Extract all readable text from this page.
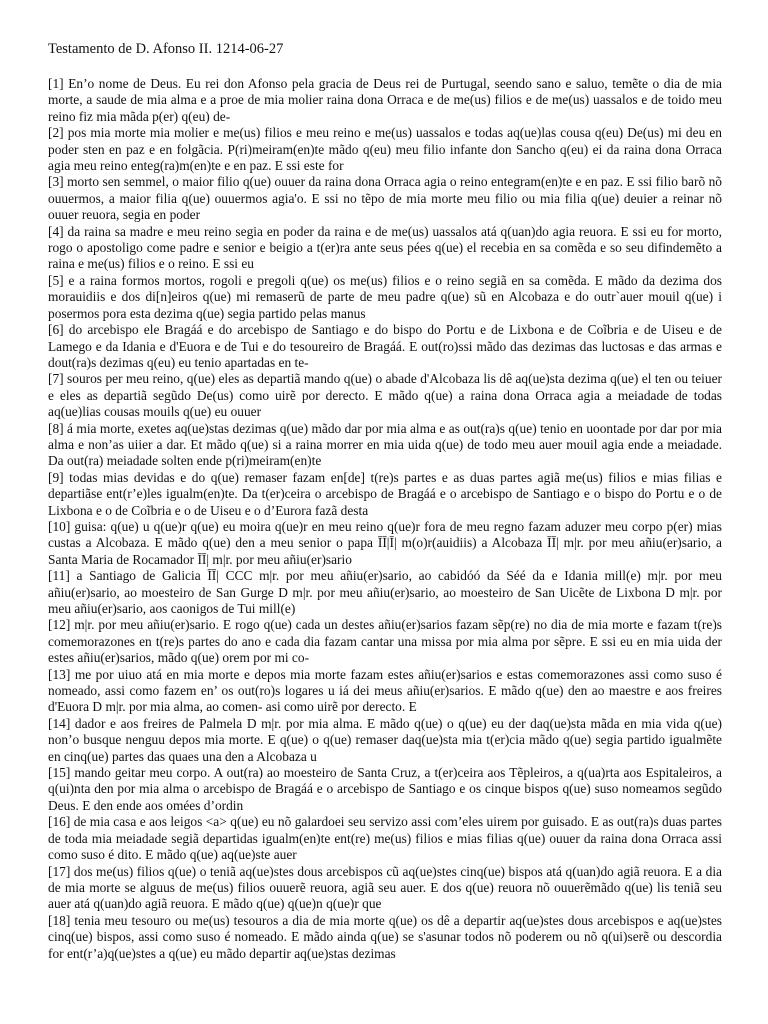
Testamento de D. Afonso II. 1214-06-27

[1] En’o nome de Deus. Eu rei don Afonso pela gracia de Deus rei de Purtugal, seendo sano e saluo, temẽte o dia de mia morte, a saude de mia alma e a proe de mia molier raina dona Orraca e de me(us) filios e de me(us) uassalos e de toido meu reino fiz mia mãda p(er) q(eu) de-

[2] pos mia morte mia molier e me(us) filios e meu reino e me(us) uassalos e todas aq(ue)las cousa q(eu) De(us) mi deu en poder sten en paz e en folgãcia. P(ri)meiram(en)te mãdo q(eu) meu filio infante don Sancho q(eu) ei da raina dona Orraca agia meu reino enteg(ra)m(en)te e en paz. E ssi este for

[3] morto sen semmel, o maior filio q(ue) ouuer da raina dona Orraca agia o reino entegram(en)te e en paz. E ssi filio barõ nõ ouuermos, a maior filia q(ue) ouuermos agia'o. E ssi no tẽpo de mia morte meu filio ou mia filia q(ue) deuier a reinar nõ ouuer reuora, segia en poder

[4] da raina sa madre e meu reino segia en poder da raina e de me(us) uassalos atá q(uan)do agia reuora. E ssi eu for morto, rogo o apostoligo come padre e senior e beigio a t(er)ra ante seus pées q(ue) el recebia en sa comẽda e so seu difindemẽto a raina e me(us) filios e o reino. E ssi eu

[5] e a raina formos mortos, rogoli e pregoli q(ue) os me(us) filios e o reino segiã en sa comẽda. E mãdo da dezima dos morauidiis e dos di[n]eiros q(ue) mi remaserũ de parte de meu padre q(ue) sũ en Alcobaza e do outr`auer mouil q(ue) i posermos pora esta dezima q(ue) segia partido pelas manus

[6] do arcebispo ele Bragáá e do arcebispo de Santiago e do bispo do Portu e de Lixbona e de Coĩbria e de Uiseu e de Lamego e da Idania e d'Euora e de Tui e do tesoureiro de Bragáá. E out(ro)ssi mãdo das dezimas das luctosas e das armas e dout(ra)s dezimas q(eu) eu tenio apartadas en te-

[7] souros per meu reino, q(ue) eles as departiã mando q(ue) o abade d'Alcobaza lis dê aq(ue)sta dezima q(ue) el ten ou teiuer e eles as departiã segũdo De(us) como uirẽ por derecto. E mãdo q(ue) a raina dona Orraca agia a meiadade de todas aq(ue)lias cousas mouils q(ue) eu ouuer

[8] á mia morte, exetes aq(ue)stas dezimas q(ue) mãdo dar por mia alma e as out(ra)s q(ue) tenio en uoontade por dar por mia alma e non’as uiier a dar. Et mãdo q(ue) si a raina morrer en mia uida q(ue) de todo meu auer mouil agia ende a meiadade. Da out(ra) meiadade solten ende p(ri)meiram(en)te

[9] todas mias devidas e do q(ue) remaser fazam en[de] t(re)s partes e as duas partes agiã me(us) filios e mias filias e departiãse ent(r’e)les igualm(en)te. Da t(er)ceira o arcebispo de Bragáá e o arcebispo de Santiago e o bispo do Portu e o de Lixbona e o de Coĩbria e o de Uiseu e o d’Eurora fazã desta

[10] guisa: q(ue) u q(ue)r q(ue) eu moira q(ue)r en meu reino q(ue)r fora de meu regno fazam aduzer meu corpo p(er) mias custas a Alcobaza. E mãdo q(ue) den a meu senior o papa ĪĪ|Ī| m(o)r(auidiis) a Alcobaza ĪĪ| m|r. por meu añiu(er)sario, a Santa Maria de Rocamador ĪĪ| m|r. por meu añiu(er)sario

[11] a Santiago de Galicia ĪĪ| CCC m|r. por meu añiu(er)sario, ao cabidóó da Séé da e Idania mill(e) m|r. por meu añiu(er)sario, ao moesteiro de San Gurge D m|r. por meu añiu(er)sario, ao moesteiro de San Uicẽte de Lixbona D m|r. por meu añiu(er)sario, aos caonigos de Tui mill(e)

[12] m|r. por meu añiu(er)sario. E rogo q(ue) cada un destes añiu(er)sarios fazam sẽp(re) no dia de mia morte e fazam t(re)s comemorazones en t(re)s partes do ano e cada dia fazam cantar una missa por mia alma por sẽpre. E ssi eu en mia uida der estes añiu(er)sarios, mãdo q(ue) orem por mi co-

[13] me por uiuo atá en mia morte e depos mia morte fazam estes añiu(er)sarios e estas comemorazones assi como suso é nomeado, assi como fazem en’ os out(ro)s logares u iá dei meus añiu(er)sarios. E mãdo q(ue) den ao maestre e aos freires d'Euora D m|r. por mia alma, ao comen- asi como uirẽ por derecto. E

[14] dador e aos freires de Palmela D m|r. por mia alma. E mãdo q(ue) o q(ue) eu der daq(ue)sta mãda en mia vida q(ue) non’o busque nenguu depos mia morte. E q(ue) o q(ue) remaser daq(ue)sta mia t(er)cia mãdo q(ue) segia partido igualmẽte en cinq(ue) partes das quaes una den a Alcobaza u

[15] mando geitar meu corpo. A out(ra) ao moesteiro de Santa Cruz, a t(er)ceira aos Tẽpleiros, a q(ua)rta aos Espitaleiros, a q(ui)nta den por mia alma o arcebispo de Bragáá e o arcebispo de Santiago e os cinque bispos q(ue) suso nomeamos segũdo Deus. E den ende aos omées d’ordin

[16] de mia casa e aos leigos <a> q(ue) eu nõ galardoei seu servizo assi com’eles uirem por guisado. E as out(ra)s duas partes de toda mia meiadade segiã departidas igualm(en)te ent(re) me(us) filios e mias filias q(ue) ouuer da raina dona Orraca assi como suso é dito. E mãdo q(ue) aq(ue)ste auer

[17] dos me(us) filios q(ue) o teniã aq(ue)stes dous arcebispos cũ aq(ue)stes cinq(ue) bispos atá q(uan)do agiã reuora. E a dia de mia morte se alguus de me(us) filios ouuerẽ reuora, agiã seu auer. E dos q(ue) reuora nõ ouuerẽmãdo q(ue) lis teniã seu auer atá q(uan)do agiã reuora. E mãdo q(ue) q(ue)n q(ue)r que

[18] tenia meu tesouro ou me(us) tesouros a dia de mia morte q(ue) os dê a departir aq(ue)stes dous arcebispos e aq(ue)stes cinq(ue) bispos, assi como suso é nomeado. E mãdo ainda q(ue) se s'asunar todos nõ poderem ou nõ q(ui)serẽ ou descordia for ent(r’a)q(ue)stes a q(ue) eu mãdo departir aq(ue)stas dezimas
